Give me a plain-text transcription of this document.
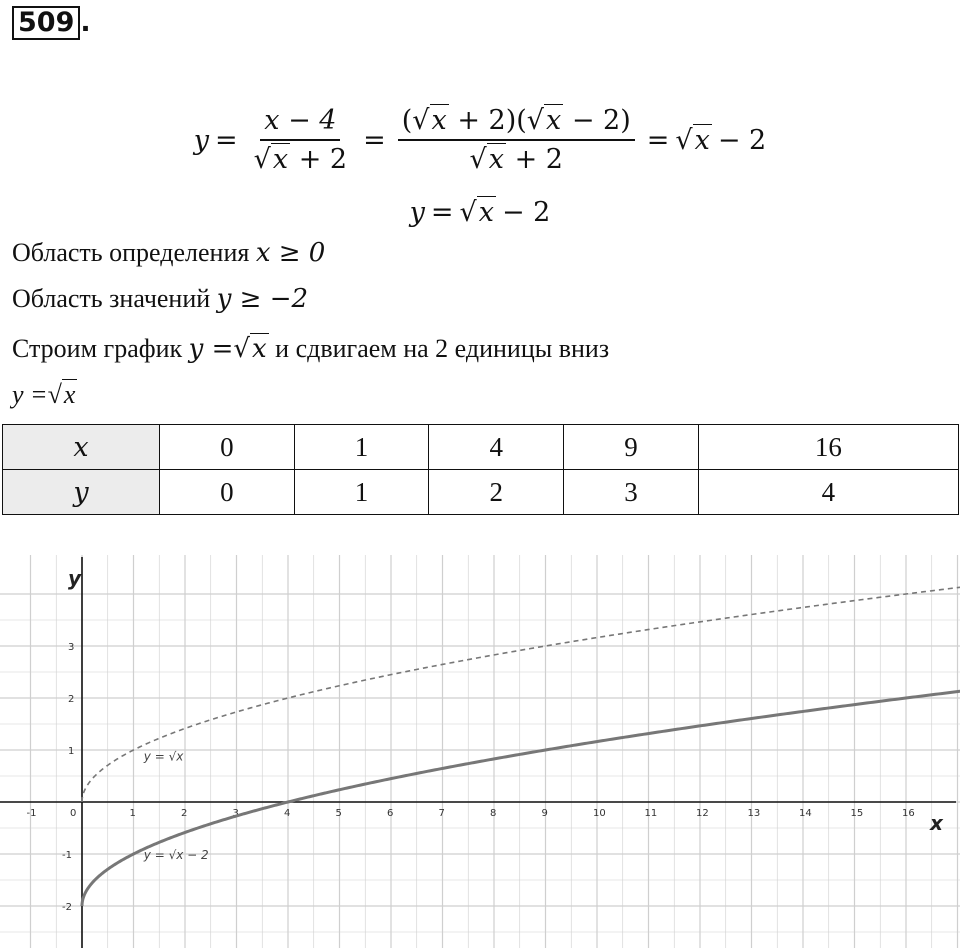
509 .
$y = \frac{x - 4}{√x + 2} = \frac{(√x + 2)(√x - 2)}{√x + 2} = √x - 2$
y = √x − 2
Область определения x ≥ 0
Область значений y ≥ −2
Строим график y =√x и сдвигаем на 2 единицы вниз
y =√x
x	0	1	4	9	16
y	0	1	2	3	4
x
y
-1	0	1	2	3	4	5	6	7	8	9	10	11	12	13	14	15	16
-2
-1
1
2
3
y = √x
y = √x − 2
